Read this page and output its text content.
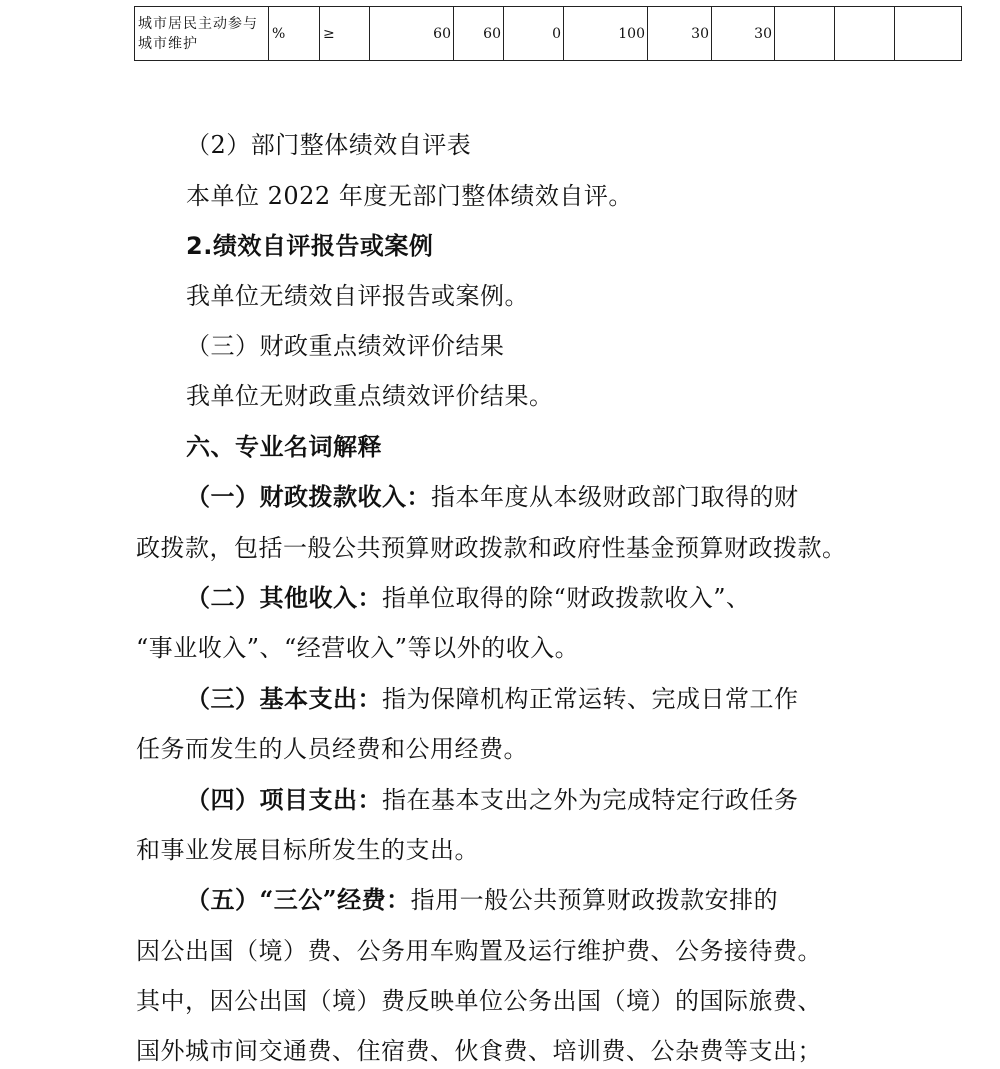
城市居民主动参与城市维护	%	≥	60	60	0	100	30	30			
（2）部门整体绩效自评表
本单位 2022 年度无部门整体绩效自评。
2.绩效自评报告或案例
我单位无绩效自评报告或案例。
（三）财政重点绩效评价结果
我单位无财政重点绩效评价结果。
六、专业名词解释
（一）财政拨款收入：指本年度从本级财政部门取得的财
政拨款，包括一般公共预算财政拨款和政府性基金预算财政拨款。
（二）其他收入：指单位取得的除“财政拨款收入”、
“事业收入”、“经营收入”等以外的收入。
（三）基本支出：指为保障机构正常运转、完成日常工作
任务而发生的人员经费和公用经费。
（四）项目支出：指在基本支出之外为完成特定行政任务
和事业发展目标所发生的支出。
（五）“三公”经费：指用一般公共预算财政拨款安排的
因公出国（境）费、公务用车购置及运行维护费、公务接待费。
其中，因公出国（境）费反映单位公务出国（境）的国际旅费、
国外城市间交通费、住宿费、伙食费、培训费、公杂费等支出；
